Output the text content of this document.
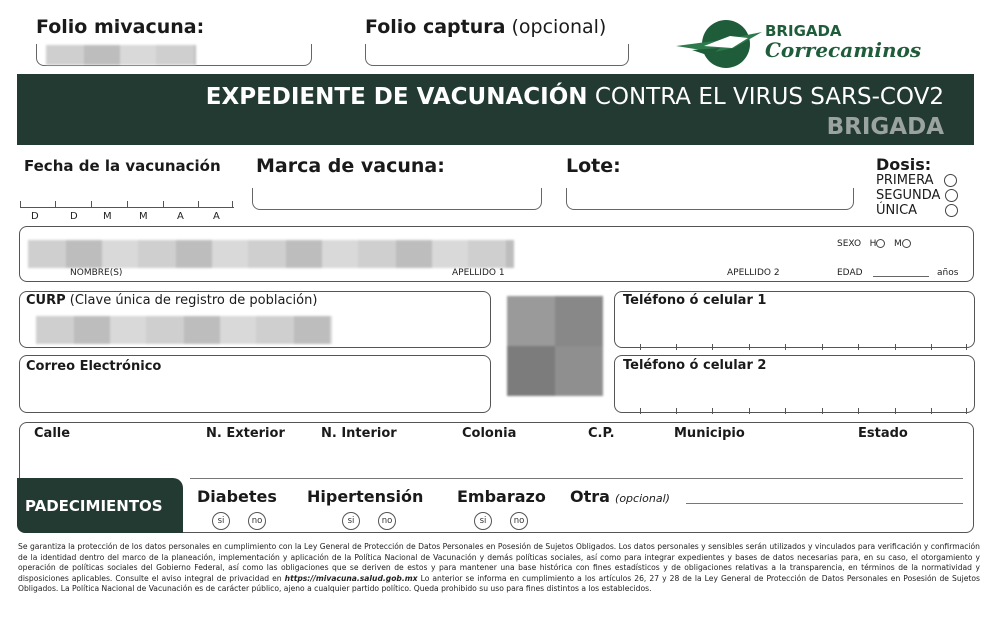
Folio mivacuna:	Folio captura (opcional)	BRIGADA
Correcaminos
EXPEDIENTE DE VACUNACIÓN CONTRA EL VIRUS SARS-COV2
BRIGADA
Fecha de la vacunación
D	D	M	M	A	A
Marca de vacuna:	Lote:	Dosis:
PRIMERA
SEGUNDA
ÚNICA
NOMBRE(S)	APELLIDO 1	APELLIDO 2
SEXO H M
EDAD	años
CURP (Clave única de registro de población)
Correo Electrónico
Teléfono ó celular 1
Teléfono ó celular 2
Calle	N. Exterior	N. Interior	Colonia	C.P.	Municipio	Estado
PADECIMIENTOS Diabetes
si	no
Hipertensión
si	no
Embarazo
si	no
Otra (opcional)
Se garantiza la protección de los datos personales en cumplimiento con la Ley General de Protección de Datos Personales en Posesión de Sujetos Obligados. Los datos personales y sensibles serán utilizados y vinculados para verificación y confirmación de la identidad dentro del marco de la planeación, implementación y aplicación de la Política Nacional de Vacunación y demás políticas sociales, así como para integrar expedientes y bases de datos necesarias para, en su caso, el otorgamiento y operación de políticas sociales del Gobierno Federal, así como las obligaciones que se deriven de estos y para mantener una base histórica con fines estadísticos y de obligaciones relativas a la transparencia, en términos de la normatividad y disposiciones aplicables. Consulte el aviso integral de privacidad en https://mivacuna.salud.gob.mx Lo anterior se informa en cumplimiento a los artículos 26, 27 y 28 de la Ley General de Protección de Datos Personales en Posesión de Sujetos Obligados. La Política Nacional de Vacunación es de carácter público, ajeno a cualquier partido político. Queda prohibido su uso para fines distintos a los establecidos.
